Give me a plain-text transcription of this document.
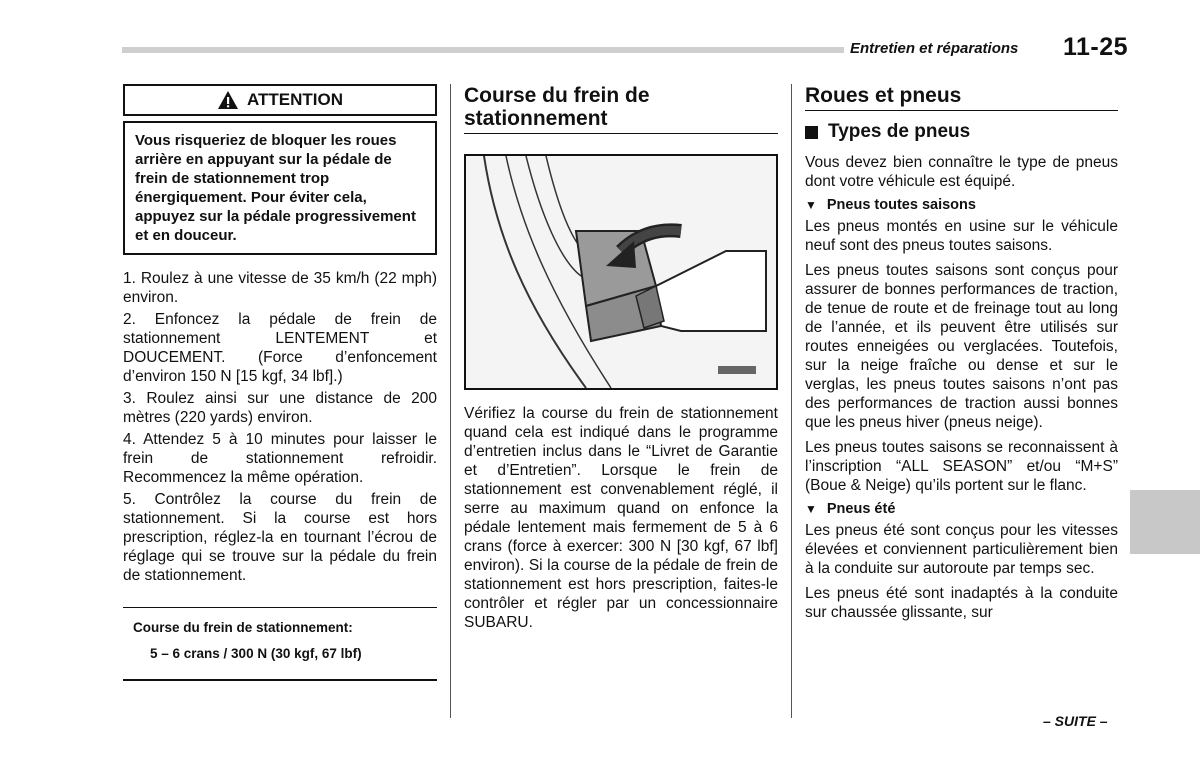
Entretien et réparations 11-25
ATTENTION
Vous risqueriez de bloquer les roues arrière en appuyant sur la pédale de frein de stationnement trop énergiquement. Pour éviter cela, appuyez sur la pédale progressivement et en douceur.

1. Roulez à une vitesse de 35 km/h (22 mph) environ.

2. Enfoncez la pédale de frein de stationnement LENTEMENT et DOUCEMENT. (Force d’enfoncement d’environ 150 N [15 kgf, 34 lbf].)

3. Roulez ainsi sur une distance de 200 mètres (220 yards) environ.

4. Attendez 5 à 10 minutes pour laisser le frein de stationnement refroidir. Recommencez la même opération.

5. Contrôlez la course du frein de stationnement. Si la course est hors prescription, réglez-la en tournant l’écrou de réglage qui se trouve sur la pédale du frein de stationnement.

Course du frein de stationnement:
5 – 6 crans / 300 N (30 kgf, 67 lbf)
Course du frein de stationnement
Vérifiez la course du frein de stationnement quand cela est indiqué dans le programme d’entretien inclus dans le “Livret de Garantie et d’Entretien”. Lorsque le frein de stationnement est convenablement réglé, il serre au maximum quand on enfonce la pédale lentement mais fermement de 5 à 6 crans (force à exercer: 300 N [30 kgf, 67 lbf] environ). Si la course de la pédale de frein de stationnement est hors prescription, faites-le contrôler et régler par un concessionnaire SUBARU.
Roues et pneus
Types de pneus
Vous devez bien connaître le type de pneus dont votre véhicule est équipé.
▼ Pneus toutes saisons
Les pneus montés en usine sur le véhicule neuf sont des pneus toutes saisons.
Les pneus toutes saisons sont conçus pour assurer de bonnes performances de traction, de tenue de route et de freinage tout au long de l’année, et ils peuvent être utilisés sur routes enneigées ou verglacées. Toutefois, sur la neige fraîche ou dense et sur le verglas, les pneus toutes saisons n’ont pas des performances de traction aussi bonnes que les pneus hiver (pneus neige).
Les pneus toutes saisons se reconnaissent à l’inscription “ALL SEASON” et/ou “M+S” (Boue & Neige) qu’ils portent sur le flanc.
▼ Pneus été
Les pneus été sont conçus pour les vitesses élevées et conviennent particulièrement bien à la conduite sur autoroute par temps sec.
Les pneus été sont inadaptés à la conduite sur chaussée glissante, sur
– SUITE –
